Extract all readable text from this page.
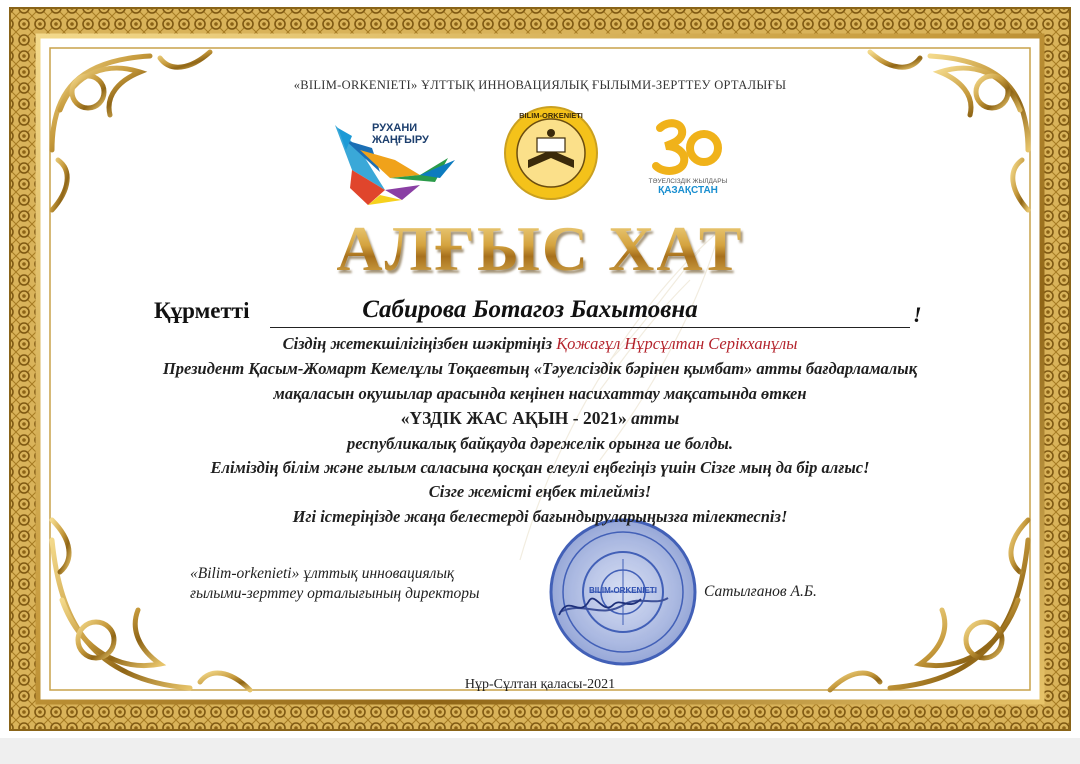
«BILIM-ORKENIETI» ҰЛТТЫҚ ИННОВАЦИЯЛЫҚ ҒЫЛЫМИ-ЗЕРТТЕУ ОРТАЛЫҒЫ
РУХАНИ
ЖАҢҒЫРУ
BILIM-ORKENIETI
ТӘУЕЛСІЗДІК ЖЫЛДАРЫ
ҚАЗАҚСТАН
АЛҒЫС ХАТ
Құрметті	Сабирова Ботагоз Бахытовна	!
Сіздің жетекшілігіңізбен шәкіртіңіз Қожағұл Нұрсұлтан Серікханұлы
Президент Қасым-Жомарт Кемелұлы Тоқаевтың «Тәуелсіздік бәрінен қымбат» атты бағдарламалық
мақаласын оқушылар арасында кеңінен насихаттау мақсатында өткен
«ҮЗДІК ЖАС АҚЫН - 2021» атты
республикалық байқауда дәрежелік орынға ие болды.
Еліміздің білім және ғылым саласына қосқан елеулі еңбегіңіз үшін Сізге мың да бір алғыс!
Сізге жемісті еңбек тілейміз!
Игі істеріңізде жаңа белестерді бағындыруларыңызға тілектеспіз!
«Bilim-orkenieti» ұлттық инновациялық
ғылыми-зерттеу орталығының директоры	BILIM-ORKENIETI	Сатылғанов А.Б.
Нұр-Сұлтан қаласы-2021
